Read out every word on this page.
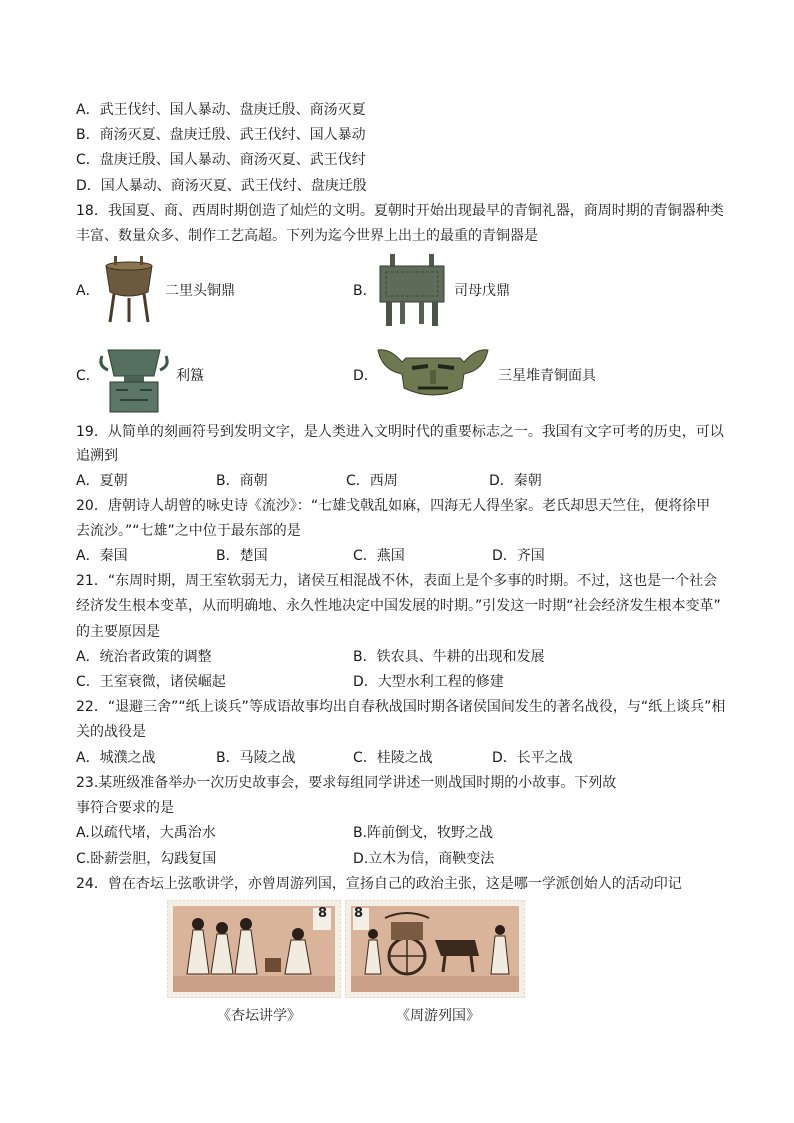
A．武王伐纣、国人暴动、盘庚迁殷、商汤灭夏
B．商汤灭夏、盘庚迁殷、武王伐纣、国人暴动
C．盘庚迁殷、国人暴动、商汤灭夏、武王伐纣
D．国人暴动、商汤灭夏、武王伐纣、盘庚迁殷
18．我国夏、商、西周时期创造了灿烂的文明。夏朝时开始出现最早的青铜礼器，商周时期的青铜器种类
丰富、数量众多、制作工艺高超。下列为迄今世界上出土的最重的青铜器是
A．	二里头铜鼎	B．	司母戊鼎
C．	利簋	D．	三星堆青铜面具
19．从简单的刻画符号到发明文字，是人类进入文明时代的重要标志之一。我国有文字可考的历史，可以
追溯到
A．夏朝	B．商朝	C．西周	D．秦朝
20．唐朝诗人胡曾的咏史诗《流沙》：“七雄戈戟乱如麻，四海无人得坐家。老氏却思天竺住，便将徐甲
去流沙。”“七雄”之中位于最东部的是
A．秦国	B．楚国	C．燕国	D．齐国
21．“东周时期，周王室软弱无力，诸侯互相混战不休，表面上是个多事的时期。不过，这也是一个社会
经济发生根本变革，从而明确地、永久性地决定中国发展的时期。”引发这一时期“社会经济发生根本变革”
的主要原因是
A．统治者政策的调整	B．铁农具、牛耕的出现和发展
C．王室衰微，诸侯崛起	D．大型水利工程的修建
22．“退避三舍”“纸上谈兵”等成语故事均出自春秋战国时期各诸侯国间发生的著名战役，与“纸上谈兵”相
关的战役是
A．城濮之战	B．马陵之战	C．桂陵之战	D．长平之战
23.某班级准备举办一次历史故事会，要求每组同学讲述一则战国时期的小故事。下列故
事符合要求的是
A.以疏代堵，大禹治水	B.阵前倒戈，牧野之战
C.卧薪尝胆，勾践复国	D.立木为信，商鞅变法
24．曾在杏坛上弦歌讲学，亦曾周游列国，宣扬自己的政治主张，这是哪一学派创始人的活动印记
8 8
《杏坛讲学》	《周游列国》
